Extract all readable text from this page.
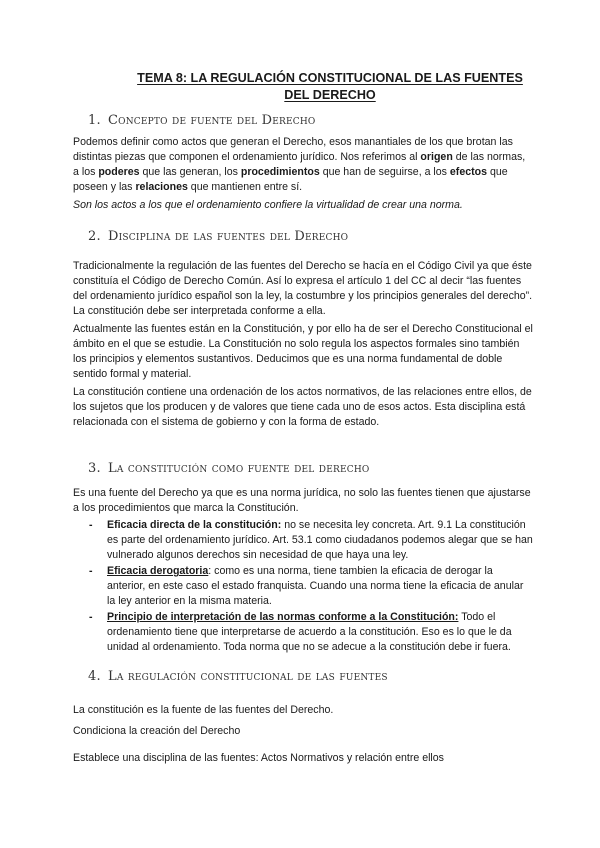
TEMA 8: LA REGULACIÓN CONSTITUCIONAL DE LAS FUENTES
DEL DERECHO
1. Concepto de fuente del Derecho

Podemos definir como actos que generan el Derecho, esos manantiales de los que brotan las distintas piezas que componen el ordenamiento jurídico. Nos referimos al origen de las normas, a los poderes que las generan, los procedimientos que han de seguirse, a los efectos que poseen y las relaciones que mantienen entre sí.

Son los actos a los que el ordenamiento confiere la virtualidad de crear una norma.

2. Disciplina de las fuentes del Derecho

Tradicionalmente la regulación de las fuentes del Derecho se hacía en el Código Civil ya que éste constituía el Código de Derecho Común. Así lo expresa el artículo 1 del CC al decir “las fuentes del ordenamiento jurídico español son la ley, la costumbre y los principios generales del derecho”. La constitución debe ser interpretada conforme a ella.

Actualmente las fuentes están en la Constitución, y por ello ha de ser el Derecho Constitucional el ámbito en el que se estudie. La Constitución no solo regula los aspectos formales sino también los principios y elementos sustantivos. Deducimos que es una norma fundamental de doble sentido formal y material.

La constitución contiene una ordenación de los actos normativos, de las relaciones entre ellos, de los sujetos que los producen y de valores que tiene cada uno de esos actos. Esta disciplina está relacionada con el sistema de gobierno y con la forma de estado.

3. La constitución como fuente del derecho

Es una fuente del Derecho ya que es una norma jurídica, no solo las fuentes tienen que ajustarse a los procedimientos que marca la Constitución.

- Eficacia directa de la constitución: no se necesita ley concreta. Art. 9.1 La constitución es parte del ordenamiento jurídico. Art. 53.1 como ciudadanos podemos alegar que se han vulnerado algunos derechos sin necesidad de que haya una ley.
- Eficacia derogatoria: como es una norma, tiene tambien la eficacia de derogar la anterior, en este caso el estado franquista. Cuando una norma tiene la eficacia de anular la ley anterior en la misma materia.
- Principio de interpretación de las normas conforme a la Constitución: Todo el ordenamiento tiene que interpretarse de acuerdo a la constitución. Eso es lo que le da unidad al ordenamiento. Toda norma que no se adecue a la constitución debe ir fuera.
4. La regulación constitucional de las fuentes

La constitución es la fuente de las fuentes del Derecho.

Condiciona la creación del Derecho

Establece una disciplina de las fuentes: Actos Normativos y relación entre ellos
